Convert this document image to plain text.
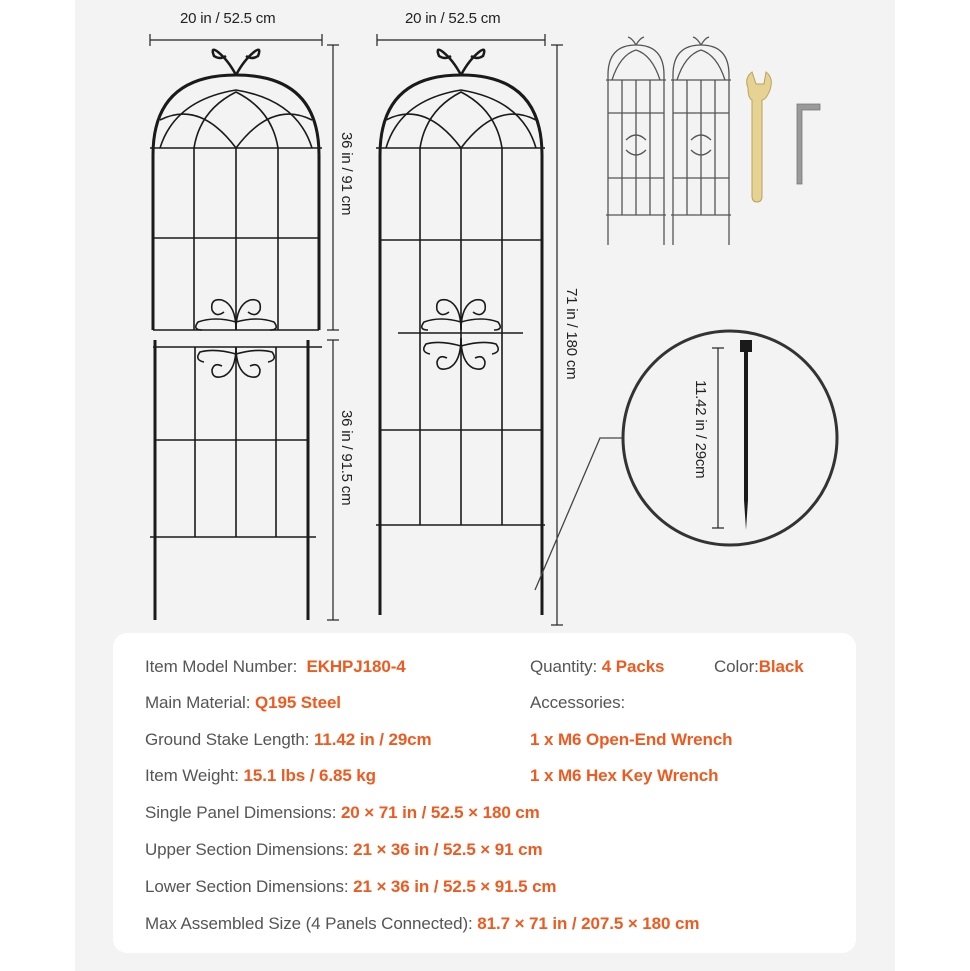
20 in / 52.5 cm	20 in / 52.5 cm
36 in / 91 cm
36 in / 91.5 cm
71 in / 180 cm
11.42 in / 29cm
Item Model Number: EKHPJ180-4	Quantity: 4 Packs	Color:Black
Main Material: Q195 Steel	Accessories:
Ground Stake Length: 11.42 in / 29cm	1 x M6 Open-End Wrench
Item Weight: 15.1 lbs / 6.85 kg	1 x M6 Hex Key Wrench
Single Panel Dimensions: 20 × 71 in / 52.5 × 180 cm
Upper Section Dimensions: 21 × 36 in / 52.5 × 91 cm
Lower Section Dimensions: 21 × 36 in / 52.5 × 91.5 cm
Max Assembled Size (4 Panels Connected): 81.7 × 71 in / 207.5 × 180 cm
